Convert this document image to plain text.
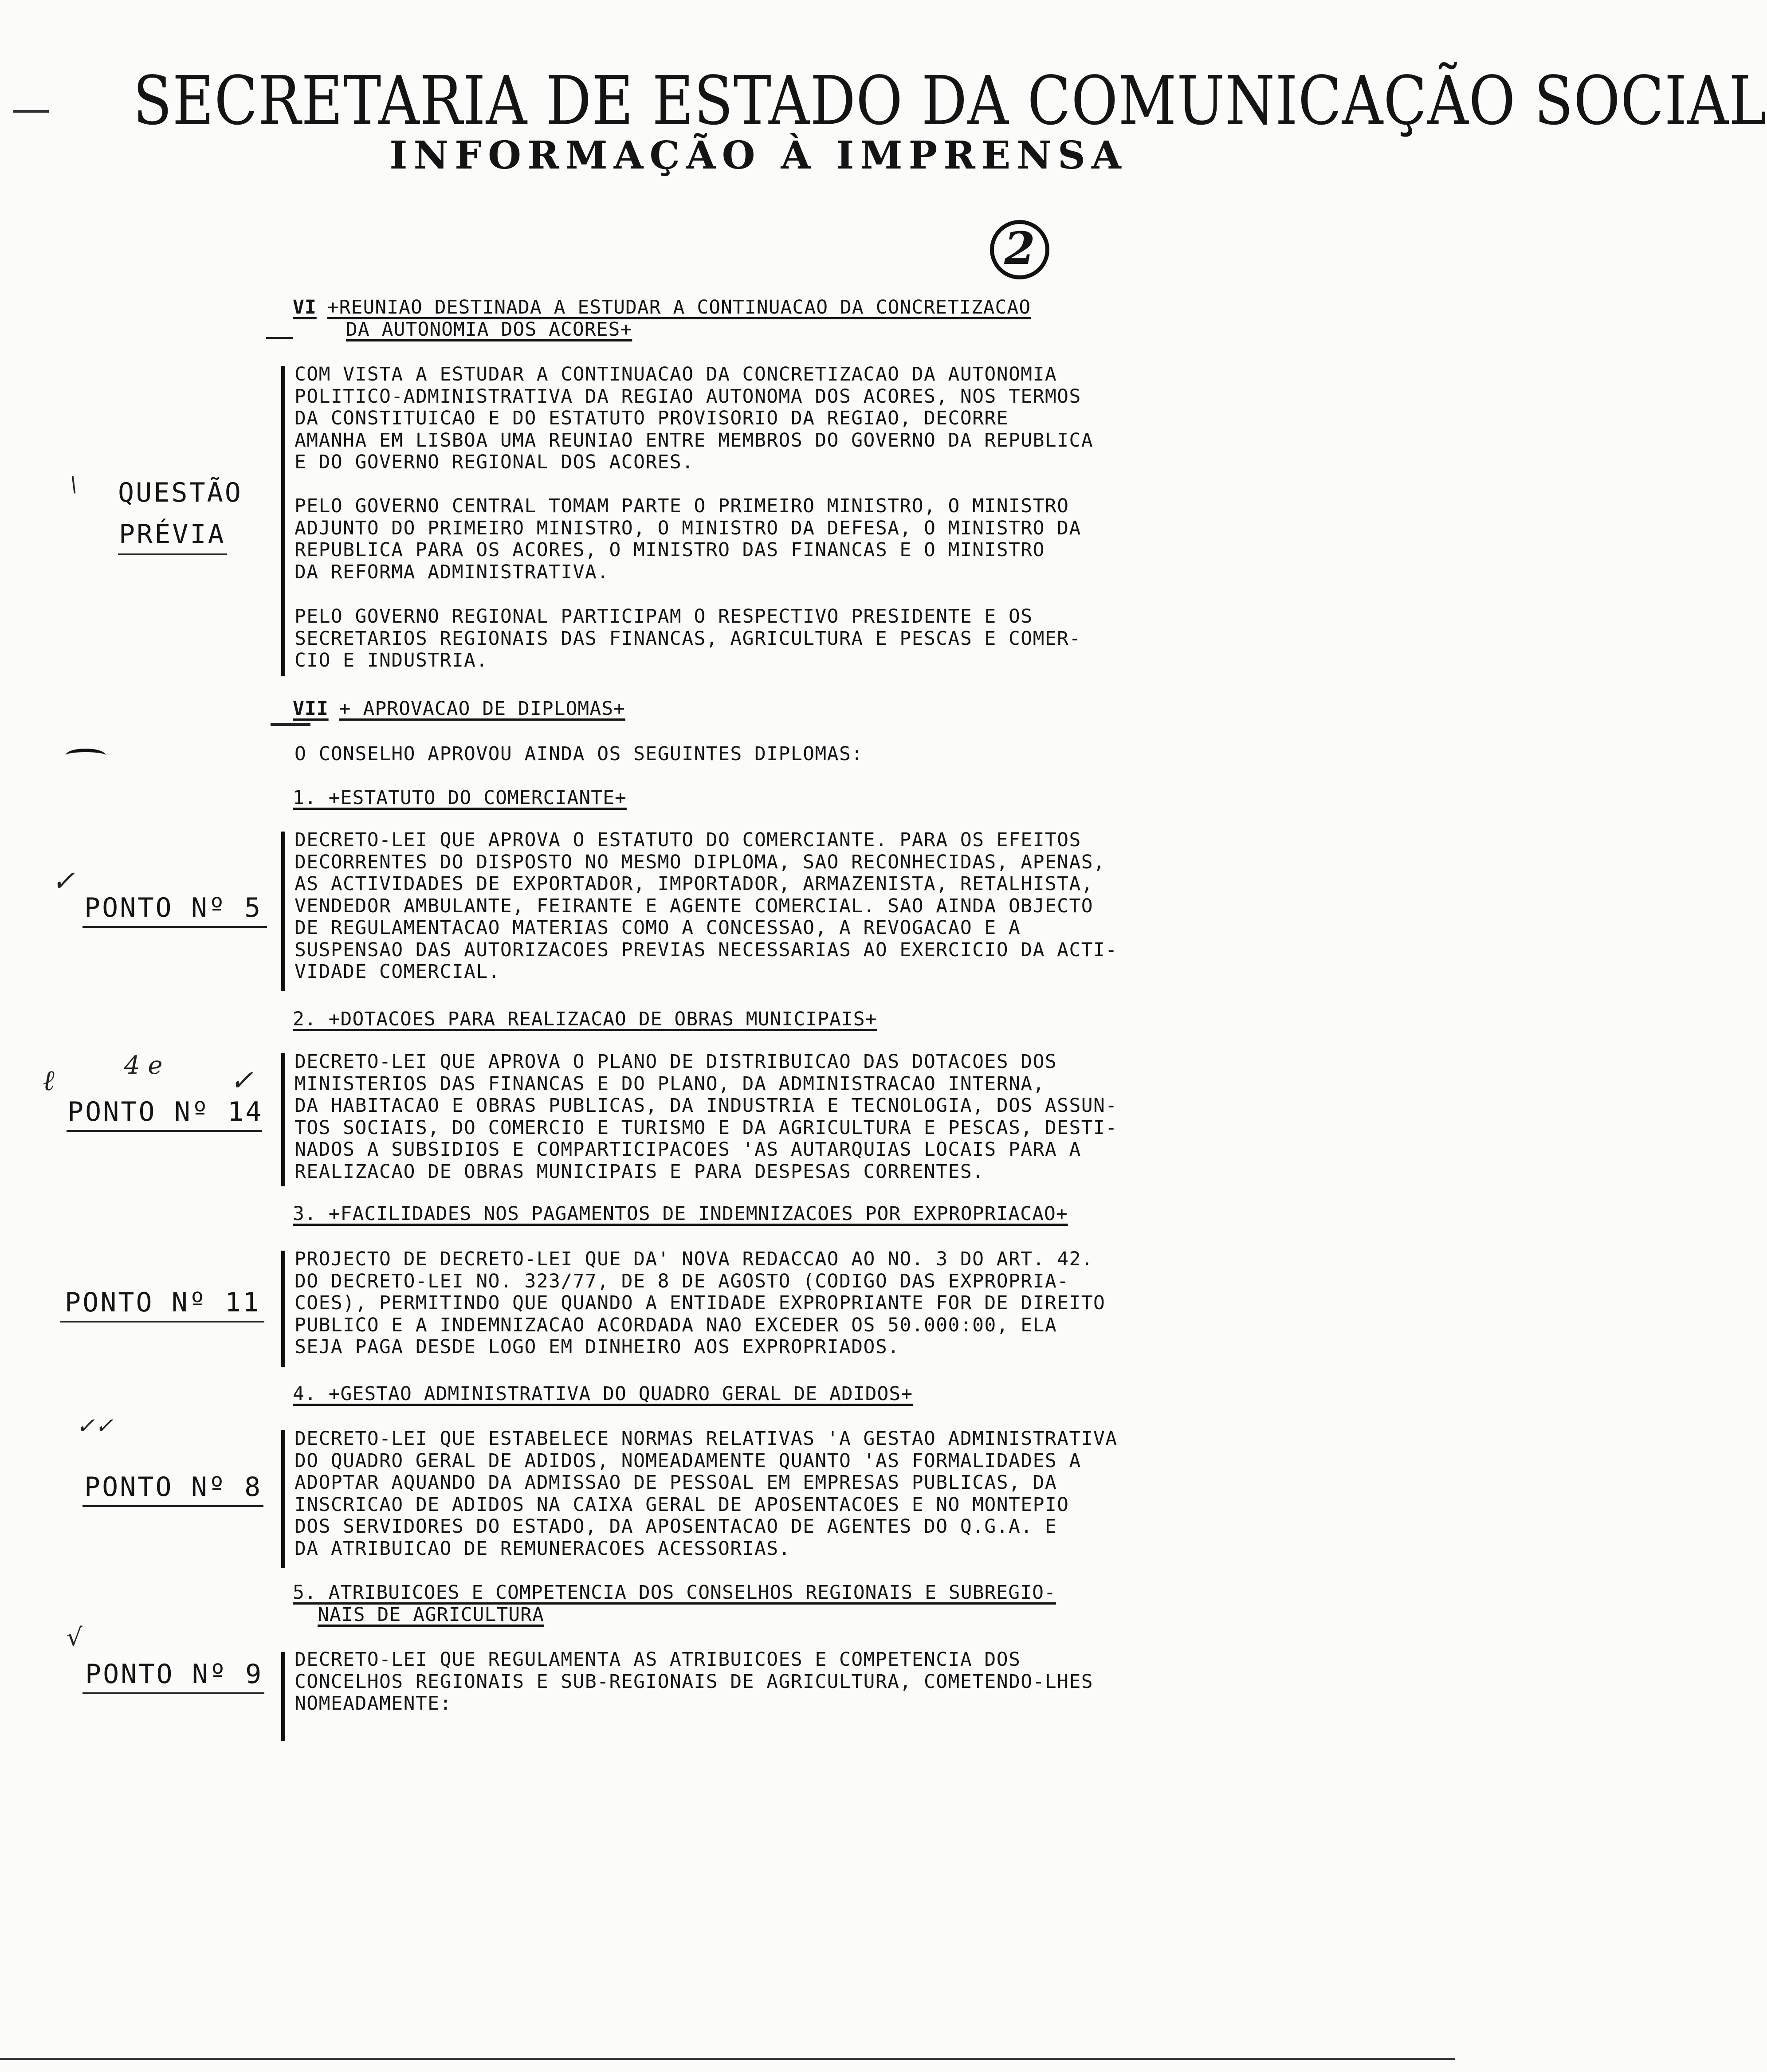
SECRETARIA DE ESTADO DA COMUNICAÇÃO SOCIAL
INFORMAÇÃO À IMPRENSA
2
VI +REUNIAO DESTINADA A ESTUDAR A CONTINUACAO DA CONCRETIZACAO
DA AUTONOMIA DOS ACORES+
COM VISTA A ESTUDAR A CONTINUACAO DA CONCRETIZACAO DA AUTONOMIA
POLITICO-ADMINISTRATIVA DA REGIAO AUTONOMA DOS ACORES, NOS TERMOS
DA CONSTITUICAO E DO ESTATUTO PROVISORIO DA REGIAO, DECORRE
AMANHA EM LISBOA UMA REUNIAO ENTRE MEMBROS DO GOVERNO DA REPUBLICA
E DO GOVERNO REGIONAL DOS ACORES.
PELO GOVERNO CENTRAL TOMAM PARTE O PRIMEIRO MINISTRO, O MINISTRO
ADJUNTO DO PRIMEIRO MINISTRO, O MINISTRO DA DEFESA, O MINISTRO DA
REPUBLICA PARA OS ACORES, O MINISTRO DAS FINANCAS E O MINISTRO
DA REFORMA ADMINISTRATIVA.
PELO GOVERNO REGIONAL PARTICIPAM O RESPECTIVO PRESIDENTE E OS
SECRETARIOS REGIONAIS DAS FINANCAS, AGRICULTURA E PESCAS E COMER-
CIO E INDUSTRIA.
\ QUESTÃO
PRÉVIA
VII + APROVACAO DE DIPLOMAS+
O CONSELHO APROVOU AINDA OS SEGUINTES DIPLOMAS:
1. +ESTATUTO DO COMERCIANTE+
DECRETO-LEI QUE APROVA O ESTATUTO DO COMERCIANTE. PARA OS EFEITOS
DECORRENTES DO DISPOSTO NO MESMO DIPLOMA, SAO RECONHECIDAS, APENAS,
AS ACTIVIDADES DE EXPORTADOR, IMPORTADOR, ARMAZENISTA, RETALHISTA,
VENDEDOR AMBULANTE, FEIRANTE E AGENTE COMERCIAL. SAO AINDA OBJECTO
DE REGULAMENTACAO MATERIAS COMO A CONCESSAO, A REVOGACAO E A
SUSPENSAO DAS AUTORIZACOES PREVIAS NECESSARIAS AO EXERCICIO DA ACTI-
VIDADE COMERCIAL.
✓
PONTO Nº 5
2. +DOTACOES PARA REALIZACAO DE OBRAS MUNICIPAIS+
DECRETO-LEI QUE APROVA O PLANO DE DISTRIBUICAO DAS DOTACOES DOS
MINISTERIOS DAS FINANCAS E DO PLANO, DA ADMINISTRACAO INTERNA,
DA HABITACAO E OBRAS PUBLICAS, DA INDUSTRIA E TECNOLOGIA, DOS ASSUN-
TOS SOCIAIS, DO COMERCIO E TURISMO E DA AGRICULTURA E PESCAS, DESTI-
NADOS A SUBSIDIOS E COMPARTICIPACOES 'AS AUTARQUIAS LOCAIS PARA A
REALIZACAO DE OBRAS MUNICIPAIS E PARA DESPESAS CORRENTES.
ℓ	4 e ✓
PONTO Nº 14
3. +FACILIDADES NOS PAGAMENTOS DE INDEMNIZACOES POR EXPROPRIACAO+
PROJECTO DE DECRETO-LEI QUE DA' NOVA REDACCAO AO NO. 3 DO ART. 42.
DO DECRETO-LEI NO. 323/77, DE 8 DE AGOSTO (CODIGO DAS EXPROPRIA-
COES), PERMITINDO QUE QUANDO A ENTIDADE EXPROPRIANTE FOR DE DIREITO
PUBLICO E A INDEMNIZACAO ACORDADA NAO EXCEDER OS 50.000:00, ELA
SEJA PAGA DESDE LOGO EM DINHEIRO AOS EXPROPRIADOS.
PONTO Nº 11
4. +GESTAO ADMINISTRATIVA DO QUADRO GERAL DE ADIDOS+
DECRETO-LEI QUE ESTABELECE NORMAS RELATIVAS 'A GESTAO ADMINISTRATIVA
DO QUADRO GERAL DE ADIDOS, NOMEADAMENTE QUANTO 'AS FORMALIDADES A
ADOPTAR AQUANDO DA ADMISSAO DE PESSOAL EM EMPRESAS PUBLICAS, DA
INSCRICAO DE ADIDOS NA CAIXA GERAL DE APOSENTACOES E NO MONTEPIO
DOS SERVIDORES DO ESTADO, DA APOSENTACAO DE AGENTES DO Q.G.A. E
DA ATRIBUICAO DE REMUNERACOES ACESSORIAS.
✓✓
PONTO Nº 8
5. ATRIBUICOES E COMPETENCIA DOS CONSELHOS REGIONAIS E SUBREGIO-
NAIS DE AGRICULTURA
DECRETO-LEI QUE REGULAMENTA AS ATRIBUICOES E COMPETENCIA DOS
CONCELHOS REGIONAIS E SUB-REGIONAIS DE AGRICULTURA, COMETENDO-LHES
NOMEADAMENTE:
√
PONTO Nº 9
